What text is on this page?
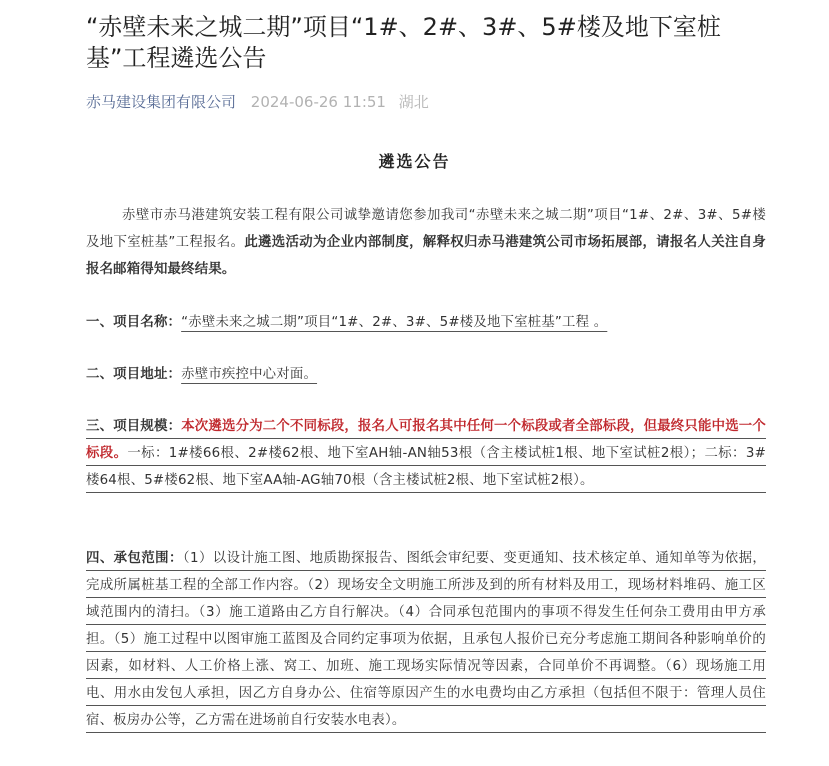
“赤壁未来之城二期”项目“1#、2#、3#、5#楼及地下室桩基”工程遴选公告
赤马建设集团有限公司 2024-06-26 11:51 湖北
遴选公告

赤壁市赤马港建筑安装工程有限公司诚挚邀请您参加我司“赤壁未来之城二期”项目“1#、2#、3#、5#楼及地下室桩基”工程报名。此遴选活动为企业内部制度，解释权归赤马港建筑公司市场拓展部，请报名人关注自身报名邮箱得知最终结果。

一、项目名称：“赤壁未来之城二期”项目“1#、2#、3#、5#楼及地下室桩基”工程 。

二、项目地址：赤壁市疾控中心对面。

三、项目规模：本次遴选分为二个不同标段，报名人可报名其中任何一个标段或者全部标段，但最终只能中选一个标段。一标：1#楼66根、2#楼62根、地下室AH轴-AN轴53根（含主楼试桩1根、地下室试桩2根）；二标：3#楼64根、5#楼62根、地下室AA轴-AG轴70根（含主楼试桩2根、地下室试桩2根）。

四、承包范围：（1）以设计施工图、地质勘探报告、图纸会审纪要、变更通知、技术核定单、通知单等为依据，完成所属桩基工程的全部工作内容。（2）现场安全文明施工所涉及到的所有材料及用工，现场材料堆码、施工区域范围内的清扫。（3）施工道路由乙方自行解决。（4）合同承包范围内的事项不得发生任何杂工费用由甲方承担。（5）施工过程中以图审施工蓝图及合同约定事项为依据，且承包人报价已充分考虑施工期间各种影响单价的因素，如材料、人工价格上涨、窝工、加班、施工现场实际情况等因素，合同单价不再调整。（6）现场施工用电、用水由发包人承担，因乙方自身办公、住宿等原因产生的水电费均由乙方承担（包括但不限于：管理人员住宿、板房办公等，乙方需在进场前自行安装水电表）。
